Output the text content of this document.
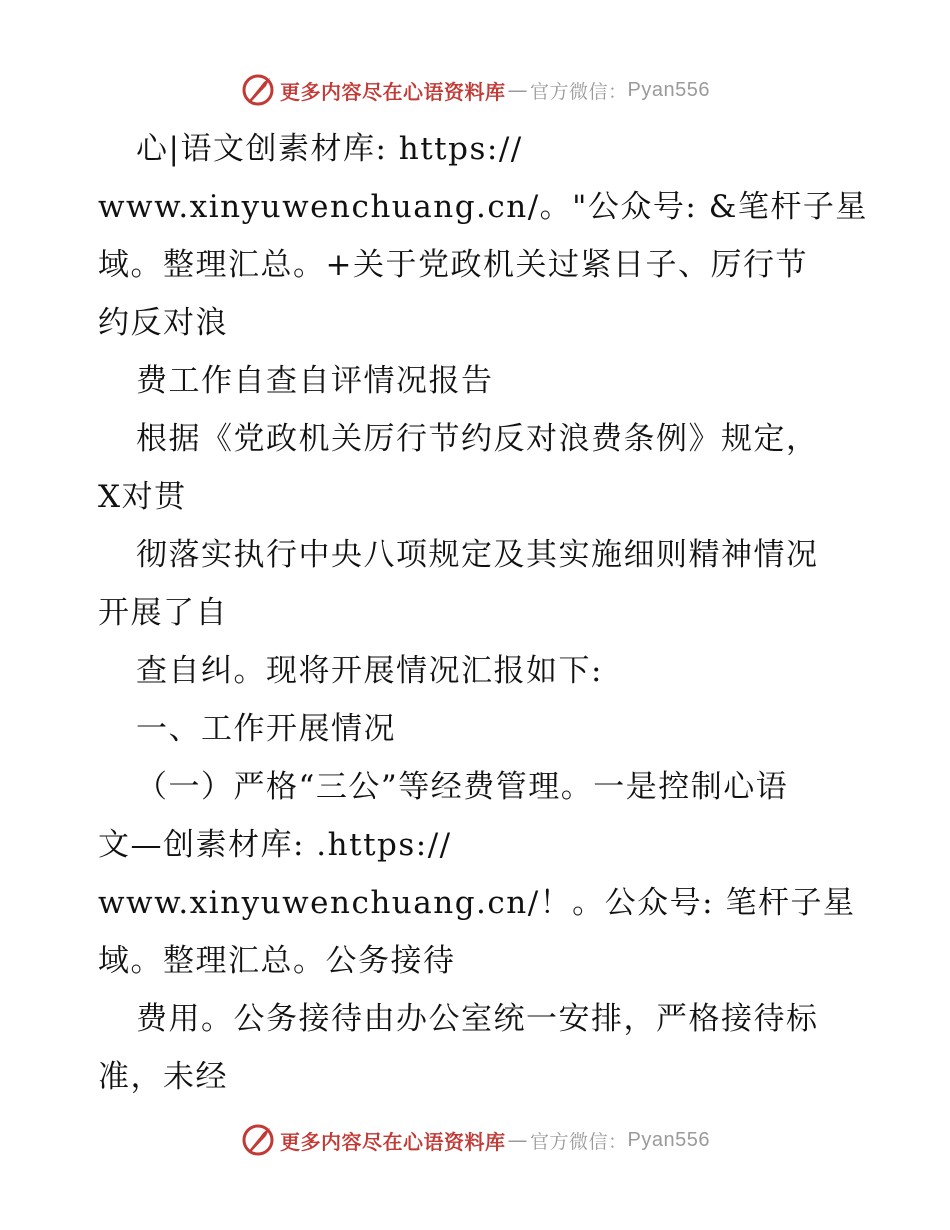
更多内容尽在心语资料库 — 官方微信： Pyan556
心|语文创素材库: https://
www.xinyuwenchuang.cn/。"公众号: &笔杆子星
域。整理汇总。+关于党政机关过紧日子、厉行节
约反对浪
费工作自查自评情况报告
根据《党政机关厉行节约反对浪费条例》规定，
X对贯
彻落实执行中央八项规定及其实施细则精神情况
开展了自
查自纠。现将开展情况汇报如下:
一、工作开展情况
（一）严格“三公”等经费管理。一是控制心语
文—创素材库: .https://
www.xinyuwenchuang.cn/！。公众号: 笔杆子星
域。整理汇总。公务接待
费用。公务接待由办公室统一安排，严格接待标
准，未经
更多内容尽在心语资料库 — 官方微信： Pyan556
